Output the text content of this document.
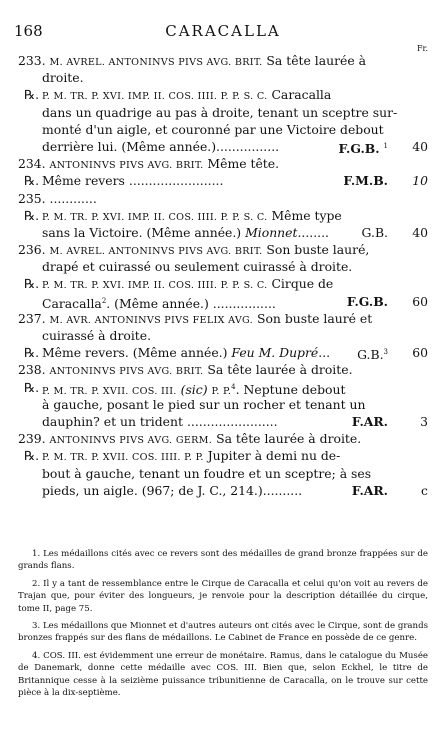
168	CARACALLA
Fr.
233. M. AVREL. ANTONINVS PIVS AVG. BRIT. Sa tête laurée à
droite.
℞. P. M. TR. P. XVI. IMP. II. COS. IIII. P. P. S. C. Caracalla
dans un quadrige au pas à droite, tenant un sceptre sur-
monté d'un aigle, et couronné par une Victoire debout
derrière lui. (Même année.)................	F.G.B. $^1$ 40
234. ANTONINVS PIVS AVG. BRIT. Même tête.
℞. Même revers ........................	F.M.B. 10
235. ............
℞. P. M. TR. P. XVI. IMP. II. COS. IIII. P. P. S. C. Même type
sans la Victoire. (Même année.) Mionnet........	G.B. 40
236. M. AVREL. ANTONINVS PIVS AVG. BRIT. Son buste lauré,
drapé et cuirassé ou seulement cuirassé à droite.
℞. P. M. TR. P. XVI. IMP. II. COS. IIII. P. P. S. C. Cirque de
Caracalla$^2$. (Même année.) ................	F.G.B. 60
237. M. AVR. ANTONINVS PIVS FELIX AVG. Son buste lauré et
cuirassé à droite.
℞. Même revers. (Même année.) Feu M. Dupré... G.B.$^3$ 60
238. ANTONINVS PIVS AVG. BRIT. Sa tête laurée à droite.
℞. P. M. TR. P. XVII. COS. III. (sic) P. P.$^4$. Neptune debout
à gauche, posant le pied sur un rocher et tenant un
dauphin? et un trident .......................	F.AR.	3
239. ANTONINVS PIVS AVG. GERM. Sa tête laurée à droite.
℞. P. M. TR. P. XVII. COS. IIII. P. P. Jupiter à demi nu de-
bout à gauche, tenant un foudre et un sceptre; à ses
pieds, un aigle. (967; de J. C., 214.)..........	F.AR.	c

1. Les médaillons cités avec ce revers sont des médailles de grand bronze frappées sur de grands flans.

2. Il y a tant de ressemblance entre le Cirque de Caracalla et celui qu'on voit au revers de Trajan que, pour éviter des longueurs, je renvoie pour la description détaillée du cirque, tome II, page 75.

3. Les médaillons que Mionnet et d'autres auteurs ont cités avec le Cirque, sont de grands bronzes frappés sur des flans de médaillons. Le Cabinet de France en possède de ce genre.

4. COS. III. est évidemment une erreur de monétaire. Ramus, dans le catalogue du Musée de Danemark, donne cette médaille avec COS. III. Bien que, selon Eckhel, le titre de Britannique cesse à la seizième puissance tribunitienne de Caracalla, on le trouve sur cette pièce à la dix-septième.
